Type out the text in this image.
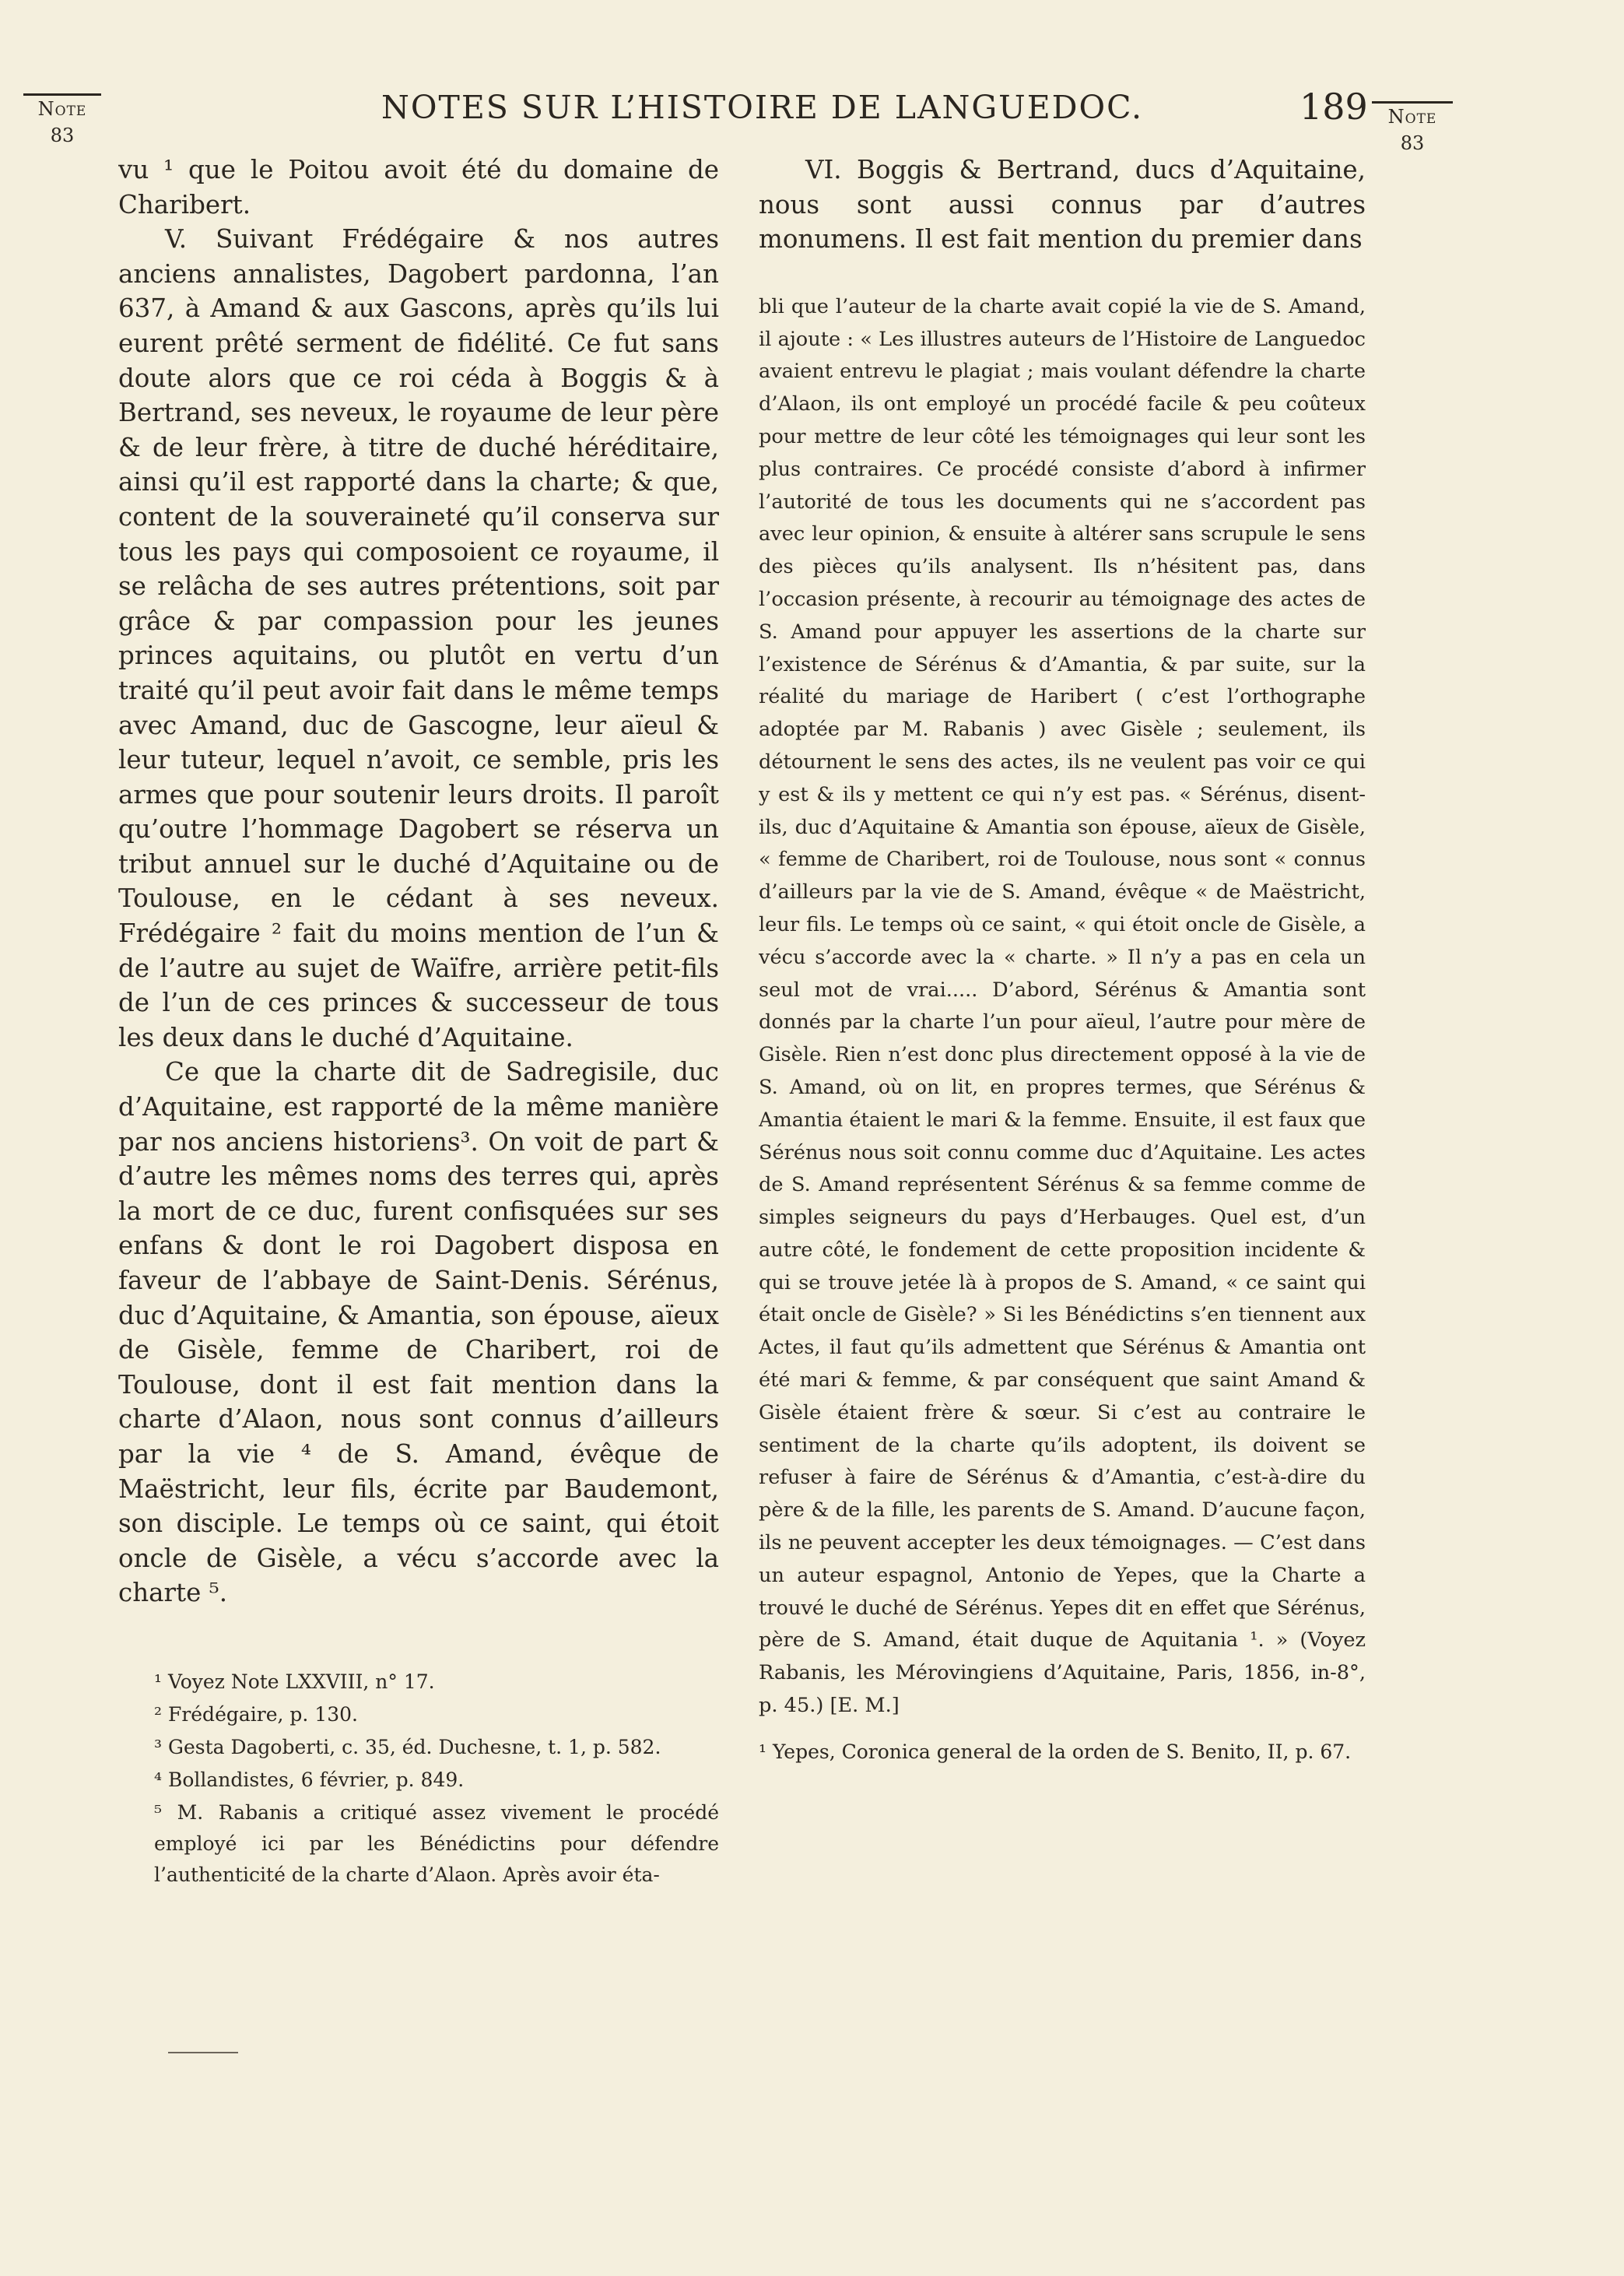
Note
83
Note
83
NOTES SUR L’HISTOIRE DE LANGUEDOC.	189

vu ¹ que le Poitou avoit été du domaine de Charibert.

V. Suivant Frédégaire & nos autres anciens annalistes, Dagobert pardonna, l’an 637, à Amand & aux Gascons, après qu’ils lui eurent prêté serment de fidélité. Ce fut sans doute alors que ce roi céda à Boggis & à Bertrand, ses neveux, le royaume de leur père & de leur frère, à titre de duché héréditaire, ainsi qu’il est rapporté dans la charte; & que, content de la souveraineté qu’il conserva sur tous les pays qui composoient ce royaume, il se relâcha de ses autres prétentions, soit par grâce & par compassion pour les jeunes princes aquitains, ou plutôt en vertu d’un traité qu’il peut avoir fait dans le même temps avec Amand, duc de Gascogne, leur aïeul & leur tuteur, lequel n’avoit, ce semble, pris les armes que pour soutenir leurs droits. Il paroît qu’outre l’hommage Dagobert se réserva un tribut annuel sur le duché d’Aquitaine ou de Toulouse, en le cédant à ses neveux. Frédégaire ² fait du moins mention de l’un & de l’autre au sujet de Waïfre, arrière petit-fils de l’un de ces princes & successeur de tous les deux dans le duché d’Aquitaine.

Ce que la charte dit de Sadregisile, duc d’Aquitaine, est rapporté de la même manière par nos anciens historiens³. On voit de part & d’autre les mêmes noms des terres qui, après la mort de ce duc, furent confisquées sur ses enfans & dont le roi Dagobert disposa en faveur de l’abbaye de Saint-Denis. Sérénus, duc d’Aquitaine, & Amantia, son épouse, aïeux de Gisèle, femme de Charibert, roi de Toulouse, dont il est fait mention dans la charte d’Alaon, nous sont connus d’ailleurs par la vie ⁴ de S. Amand, évêque de Maëstricht, leur fils, écrite par Baudemont, son disciple. Le temps où ce saint, qui étoit oncle de Gisèle, a vécu s’accorde avec la charte ⁵.

¹ Voyez Note LXXVIII, n° 17.

² Frédégaire, p. 130.

³ Gesta Dagoberti, c. 35, éd. Duchesne, t. 1, p. 582.

⁴ Bollandistes, 6 février, p. 849.

⁵ M. Rabanis a critiqué assez vivement le procédé employé ici par les Bénédictins pour défendre l’authenticité de la charte d’Alaon. Après avoir éta-

VI. Boggis & Bertrand, ducs d’Aquitaine, nous sont aussi connus par d’autres monumens. Il est fait mention du premier dans

bli que l’auteur de la charte avait copié la vie de S. Amand, il ajoute : « Les illustres auteurs de l’Histoire de Languedoc avaient entrevu le plagiat ; mais voulant défendre la charte d’Alaon, ils ont employé un procédé facile & peu coûteux pour mettre de leur côté les témoignages qui leur sont les plus contraires. Ce procédé consiste d’abord à infirmer l’autorité de tous les documents qui ne s’accordent pas avec leur opinion, & ensuite à altérer sans scrupule le sens des pièces qu’ils analysent. Ils n’hésitent pas, dans l’occasion présente, à recourir au témoignage des actes de S. Amand pour appuyer les assertions de la charte sur l’existence de Sérénus & d’Amantia, & par suite, sur la réalité du mariage de Haribert ( c’est l’orthographe adoptée par M. Rabanis ) avec Gisèle ; seulement, ils détournent le sens des actes, ils ne veulent pas voir ce qui y est & ils y mettent ce qui n’y est pas. « Sérénus, disent-ils, duc d’Aquitaine & Amantia son épouse, aïeux de Gisèle, « femme de Charibert, roi de Toulouse, nous sont « connus d’ailleurs par la vie de S. Amand, évêque « de Maëstricht, leur fils. Le temps où ce saint, « qui étoit oncle de Gisèle, a vécu s’accorde avec la « charte. » Il n’y a pas en cela un seul mot de vrai..... D’abord, Sérénus & Amantia sont donnés par la charte l’un pour aïeul, l’autre pour mère de Gisèle. Rien n’est donc plus directement opposé à la vie de S. Amand, où on lit, en propres termes, que Sérénus & Amantia étaient le mari & la femme. Ensuite, il est faux que Sérénus nous soit connu comme duc d’Aquitaine. Les actes de S. Amand représentent Sérénus & sa femme comme de simples seigneurs du pays d’Herbauges. Quel est, d’un autre côté, le fondement de cette proposition incidente & qui se trouve jetée là à propos de S. Amand, « ce saint qui était oncle de Gisèle? » Si les Bénédictins s’en tiennent aux Actes, il faut qu’ils admettent que Sérénus & Amantia ont été mari & femme, & par conséquent que saint Amand & Gisèle étaient frère & sœur. Si c’est au contraire le sentiment de la charte qu’ils adoptent, ils doivent se refuser à faire de Sérénus & d’Amantia, c’est-à-dire du père & de la fille, les parents de S. Amand. D’aucune façon, ils ne peuvent accepter les deux témoignages. — C’est dans un auteur espagnol, Antonio de Yepes, que la Charte a trouvé le duché de Sérénus. Yepes dit en effet que Sérénus, père de S. Amand, était duque de Aquitania ¹. » (Voyez Rabanis, les Mérovingiens d’Aquitaine, Paris, 1856, in-8°, p. 45.) [E. M.]

¹ Yepes, Coronica general de la orden de S. Benito, II, p. 67.
